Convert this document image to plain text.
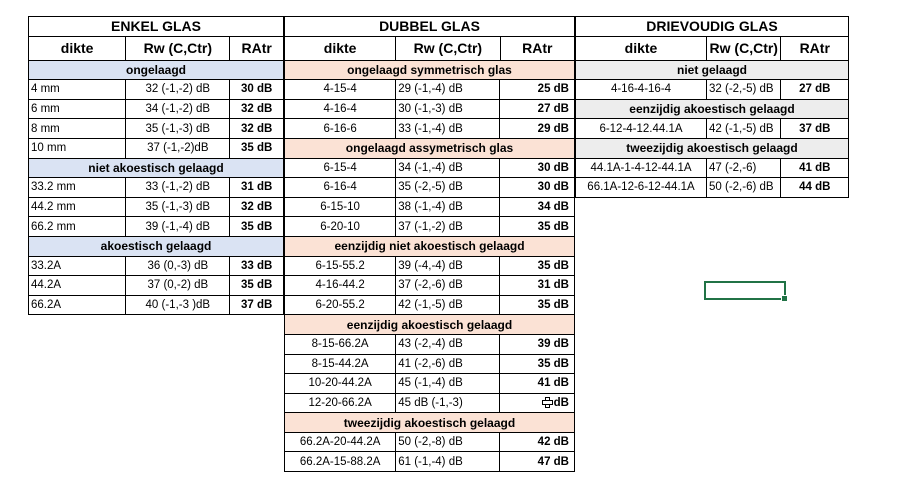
ENKEL GLAS
dikte	Rw (C,Ctr)	RAtr
ongelaagd
4 mm	32 (-1,-2) dB	30 dB
6 mm	34 (-1,-2) dB	32 dB
8 mm	35 (-1,-3) dB	32 dB
10 mm	37 (-1,-2)dB	35 dB
niet akoestisch gelaagd
33.2 mm	33 (-1,-2) dB	31 dB
44.2 mm	35 (-1,-3) dB	32 dB
66.2 mm	39 (-1,-4) dB	35 dB
akoestisch gelaagd
33.2A	36 (0,-3) dB	33 dB
44.2A	37 (0,-2) dB	35 dB
66.2A	40 (-1,-3 )dB	37 dB
DUBBEL GLAS
dikte	Rw (C,Ctr)	RAtr
ongelaagd symmetrisch glas
4-15-4	29 (-1,-4) dB	25 dB
4-16-4	30 (-1,-3) dB	27 dB
6-16-6	33 (-1,-4) dB	29 dB
ongelaagd assymetrisch glas
6-15-4	34 (-1,-4) dB	30 dB
6-16-4	35 (-2,-5) dB	30 dB
6-15-10	38 (-1,-4) dB	34 dB
6-20-10	37 (-1,-2) dB	35 dB
eenzijdig niet akoestisch gelaagd
6-15-55.2	39 (-4,-4) dB	35 dB
4-16-44.2	37 (-2,-6) dB	31 dB
6-20-55.2	42 (-1,-5) dB	35 dB
eenzijdig akoestisch gelaagd
8-15-66.2A	43 (-2,-4) dB	39 dB
8-15-44.2A	41 (-2,-6) dB	35 dB
10-20-44.2A	45 (-1,-4) dB	41 dB
12-20-66.2A	45 dB (-1,-3)	dB
tweezijdig akoestisch gelaagd
66.2A-20-44.2A	50 (-2,-8) dB	42 dB
66.2A-15-88.2A	61 (-1,-4) dB	47 dB
DRIEVOUDIG GLAS
dikte	Rw (C,Ctr)	RAtr
niet gelaagd
4-16-4-16-4	32 (-2,-5) dB	27 dB
eenzijdig akoestisch gelaagd
6-12-4-12.44.1A	42 (-1,-5) dB	37 dB
tweezijdig akoestisch gelaagd
44.1A-1-4-12-44.1A	47 (-2,-6)	41 dB
66.1A-12-6-12-44.1A	50 (-2,-6) dB	44 dB
